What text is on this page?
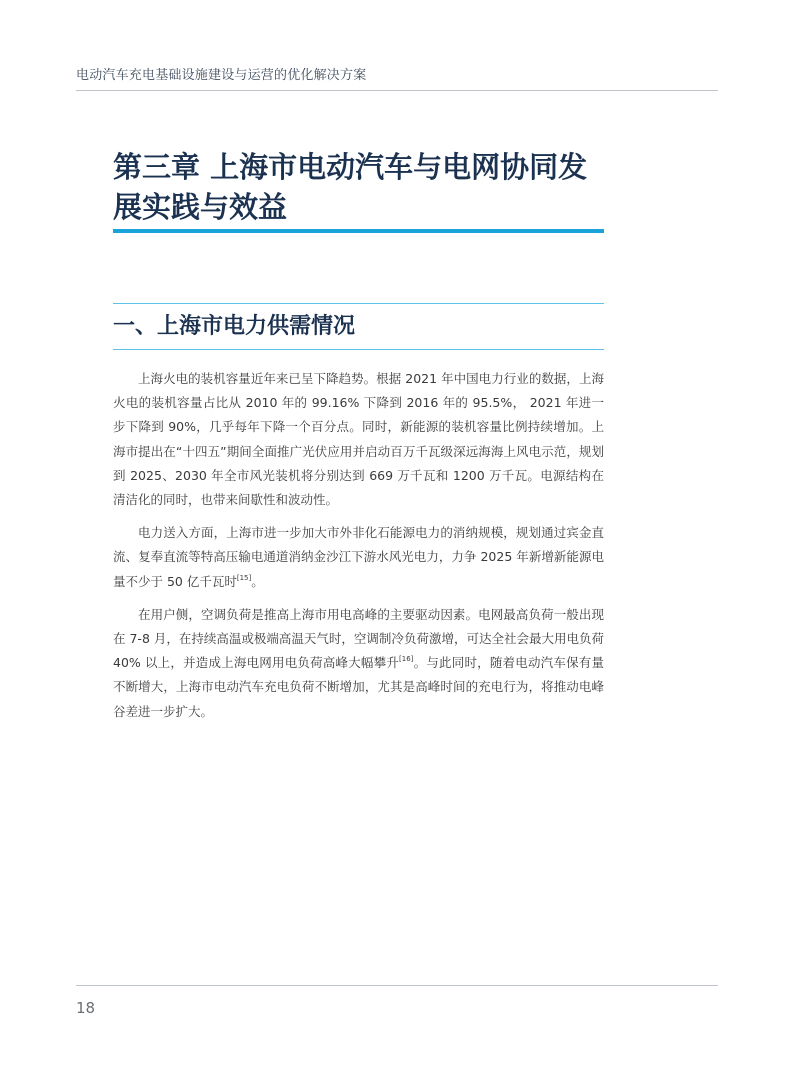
电动汽车充电基础设施建设与运营的优化解决方案
第三章 上海市电动汽车与电网协同发展实践与效益
一、上海市电力供需情况

上海火电的装机容量近年来已呈下降趋势。根据 2021 年中国电力行业的数据，上海火电的装机容量占比从 2010 年的 99.16% 下降到 2016 年的 95.5%， 2021 年进一步下降到 90%，几乎每年下降一个百分点。同时，新能源的装机容量比例持续增加。上海市提出在“十四五”期间全面推广光伏应用并启动百万千瓦级深远海海上风电示范，规划到 2025、2030 年全市风光装机将分别达到 669 万千瓦和 1200 万千瓦。电源结构在清洁化的同时，也带来间歇性和波动性。

电力送入方面，上海市进一步加大市外非化石能源电力的消纳规模，规划通过宾金直流、复奉直流等特高压输电通道消纳金沙江下游水风光电力，力争 2025 年新增新能源电量不少于 50 亿千瓦时[15]。

在用户侧，空调负荷是推高上海市用电高峰的主要驱动因素。电网最高负荷一般出现在 7-8 月，在持续高温或极端高温天气时，空调制冷负荷激增，可达全社会最大用电负荷 40% 以上，并造成上海电网用电负荷高峰大幅攀升[16]。与此同时，随着电动汽车保有量不断增大，上海市电动汽车充电负荷不断增加，尤其是高峰时间的充电行为，将推动电峰谷差进一步扩大。

18
